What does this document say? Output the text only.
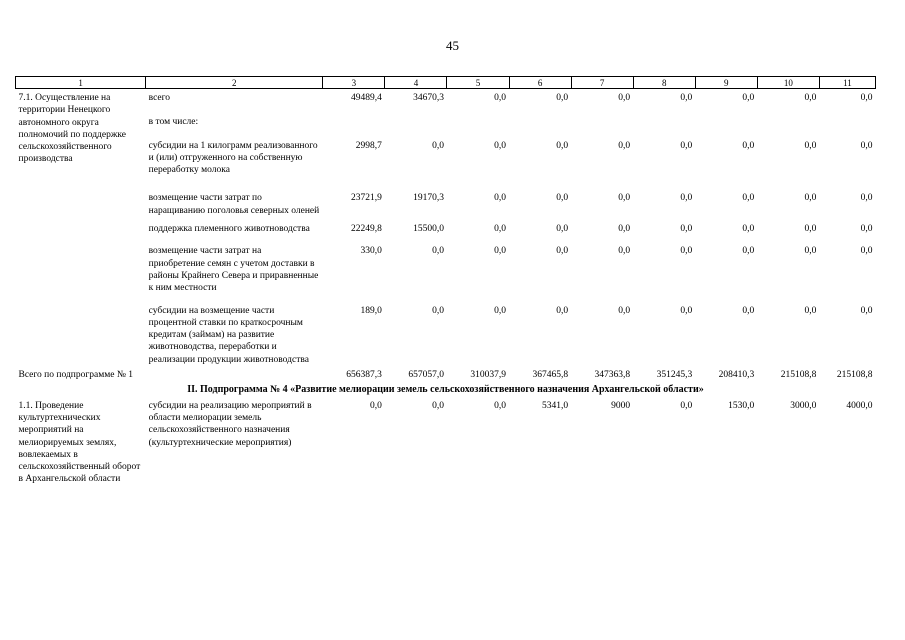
45
1	2	3	4	5	6	7	8	9	10	11
7.1. Осуществление на территории Ненецкого автономного округа полномочий по поддержке сельскохозяйственного производства	всего	49489,4	34670,3	0,0	0,0	0,0	0,0	0,0	0,0	0,0
	в том числе:									
	субсидии на 1 килограмм реализованного и (или) отгруженного на собственную переработку молока	2998,7	0,0	0,0	0,0	0,0	0,0	0,0	0,0	0,0
	возмещение части затрат по наращиванию поголовья северных оленей	23721,9	19170,3	0,0	0,0	0,0	0,0	0,0	0,0	0,0
	поддержка племенного животноводства	22249,8	15500,0	0,0	0,0	0,0	0,0	0,0	0,0	0,0
	возмещение части затрат на приобретение семян с учетом доставки в районы Крайнего Севера и приравненные к ним местности	330,0	0,0	0,0	0,0	0,0	0,0	0,0	0,0	0,0
	субсидии на возмещение части процентной ставки по краткосрочным кредитам (займам) на развитие животноводства, переработки и реализации продукции животноводства	189,0	0,0	0,0	0,0	0,0	0,0	0,0	0,0	0,0
Всего по подпрограмме № 1		656387,3	657057,0	310037,9	367465,8	347363,8	351245,3	208410,3	215108,8	215108,8
II. Подпрограмма № 4 «Развитие мелиорации земель сельскохозяйственного назначения Архангельской области»										
1.1. Проведение культуртехнических мероприятий на мелиорируемых землях, вовлекаемых в сельскохозяйственный оборот в Архангельской области	субсидии на реализацию мероприятий в области мелиорации земель сельскохозяйственного назначения (культуртехнические мероприятия)	0,0	0,0	0,0	5341,0	9000	0,0	1530,0	3000,0	4000,0
